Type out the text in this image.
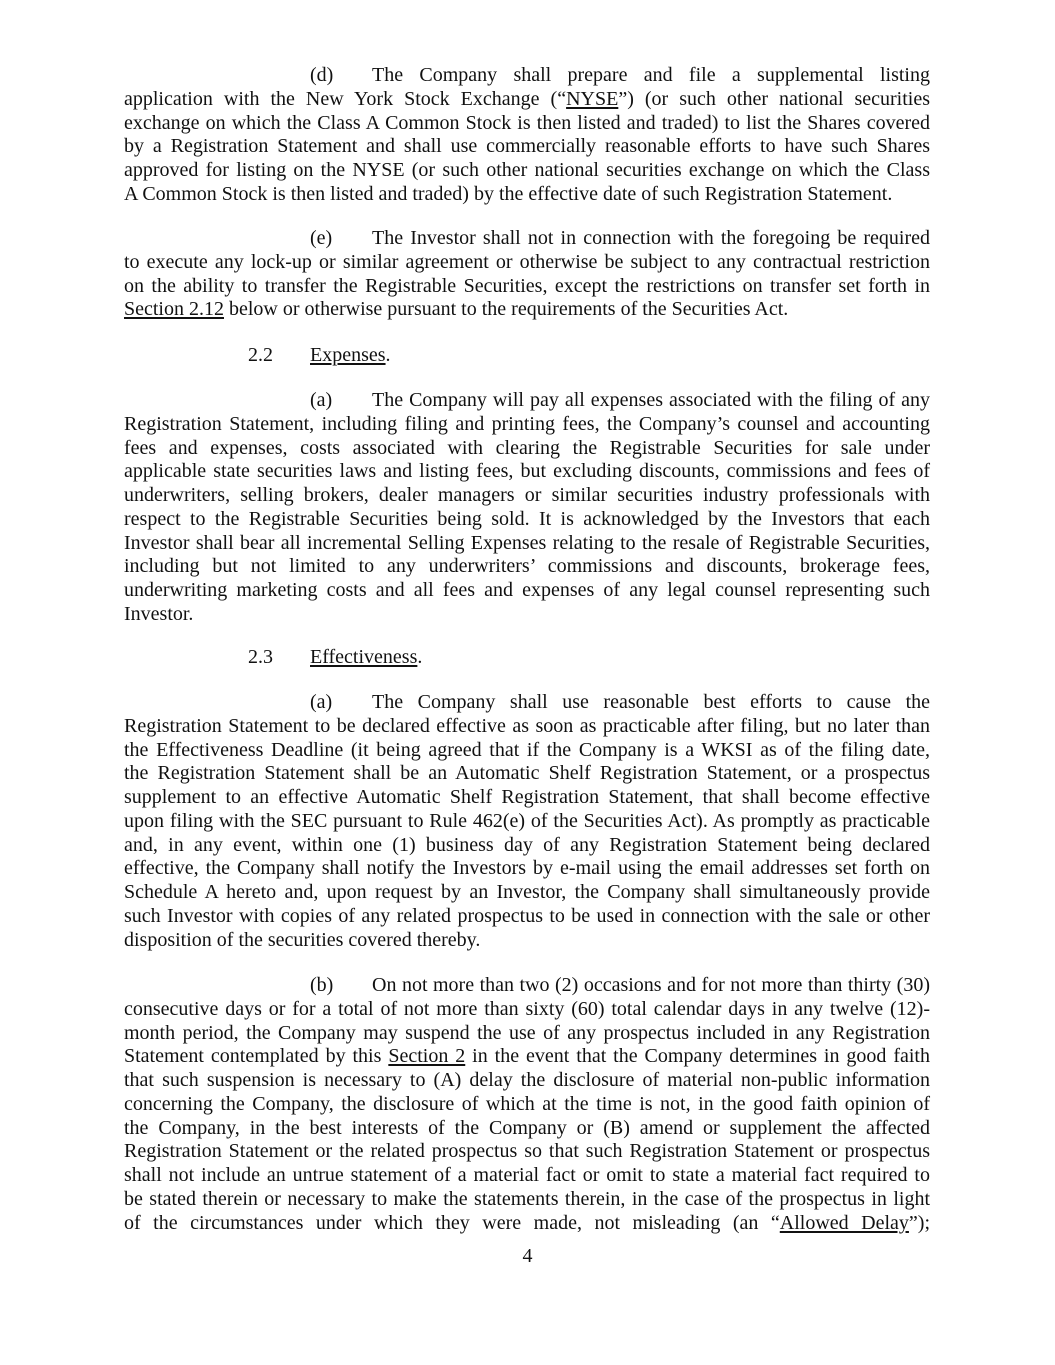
(d)	The Company shall prepare and file a supplemental listing
application with the New York Stock Exchange (“NYSE”) (or such other national securities
exchange on which the Class A Common Stock is then listed and traded) to list the Shares covered
by a Registration Statement and shall use commercially reasonable efforts to have such Shares
approved for listing on the NYSE (or such other national securities exchange on which the Class
A Common Stock is then listed and traded) by the effective date of such Registration Statement.
(e)	The Investor shall not in connection with the foregoing be required
to execute any lock-up or similar agreement or otherwise be subject to any contractual restriction
on the ability to transfer the Registrable Securities, except the restrictions on transfer set forth in
Section 2.12 below or otherwise pursuant to the requirements of the Securities Act.
2.2	Expenses.
(a)	The Company will pay all expenses associated with the filing of any
Registration Statement, including filing and printing fees, the Company’s counsel and accounting
fees and expenses, costs associated with clearing the Registrable Securities for sale under
applicable state securities laws and listing fees, but excluding discounts, commissions and fees of
underwriters, selling brokers, dealer managers or similar securities industry professionals with
respect to the Registrable Securities being sold. It is acknowledged by the Investors that each
Investor shall bear all incremental Selling Expenses relating to the resale of Registrable Securities,
including but not limited to any underwriters’ commissions and discounts, brokerage fees,
underwriting marketing costs and all fees and expenses of any legal counsel representing such
Investor.
2.3	Effectiveness.
(a)	The Company shall use reasonable best efforts to cause the
Registration Statement to be declared effective as soon as practicable after filing, but no later than
the Effectiveness Deadline (it being agreed that if the Company is a WKSI as of the filing date,
the Registration Statement shall be an Automatic Shelf Registration Statement, or a prospectus
supplement to an effective Automatic Shelf Registration Statement, that shall become effective
upon filing with the SEC pursuant to Rule 462(e) of the Securities Act). As promptly as practicable
and, in any event, within one (1) business day of any Registration Statement being declared
effective, the Company shall notify the Investors by e-mail using the email addresses set forth on
Schedule A hereto and, upon request by an Investor, the Company shall simultaneously provide
such Investor with copies of any related prospectus to be used in connection with the sale or other
disposition of the securities covered thereby.
(b)	On not more than two (2) occasions and for not more than thirty (30)
consecutive days or for a total of not more than sixty (60) total calendar days in any twelve (12)-
month period, the Company may suspend the use of any prospectus included in any Registration
Statement contemplated by this Section 2 in the event that the Company determines in good faith
that such suspension is necessary to (A) delay the disclosure of material non-public information
concerning the Company, the disclosure of which at the time is not, in the good faith opinion of
the Company, in the best interests of the Company or (B) amend or supplement the affected
Registration Statement or the related prospectus so that such Registration Statement or prospectus
shall not include an untrue statement of a material fact or omit to state a material fact required to
be stated therein or necessary to make the statements therein, in the case of the prospectus in light
of the circumstances under which they were made, not misleading (an “Allowed Delay”);
4
